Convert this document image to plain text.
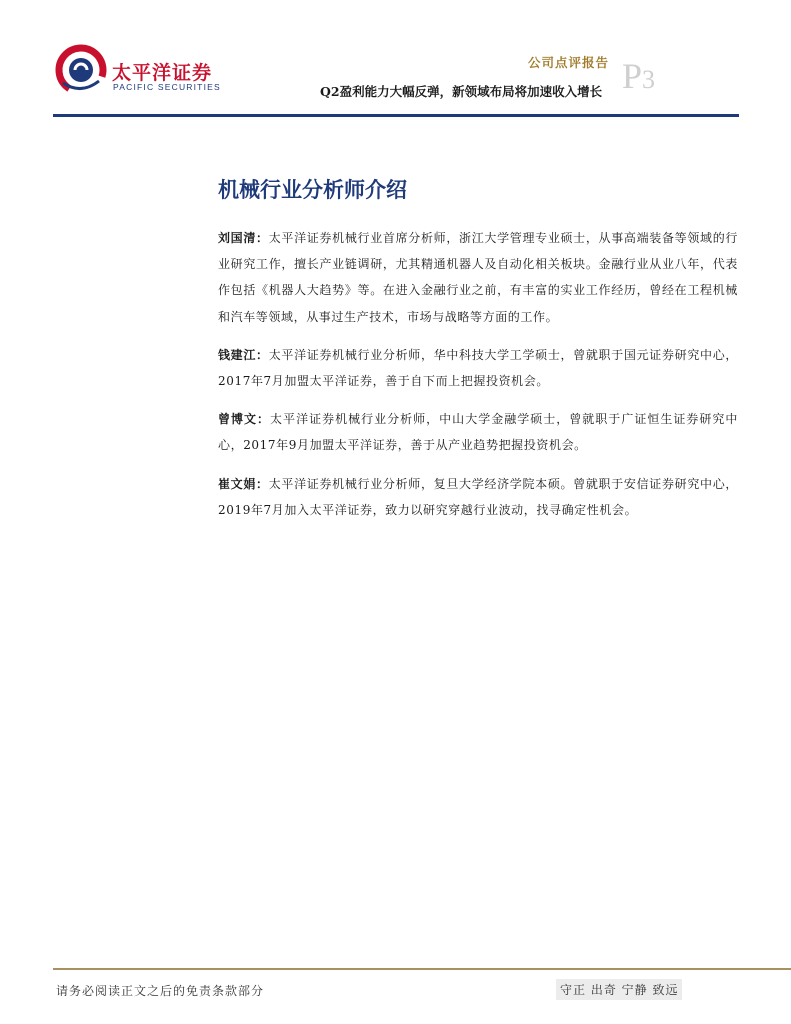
太平洋证券
PACIFIC SECURITIES
公司点评报告
Q2盈利能力大幅反弹，新领域布局将加速收入增长 P3
机械行业分析师介绍

刘国清：太平洋证券机械行业首席分析师，浙江大学管理专业硕士，从事高端装备等领域的行业研究工作，擅长产业链调研，尤其精通机器人及自动化相关板块。金融行业从业八年，代表作包括《机器人大趋势》等。在进入金融行业之前，有丰富的实业工作经历，曾经在工程机械和汽车等领域，从事过生产技术，市场与战略等方面的工作。

钱建江：太平洋证券机械行业分析师，华中科技大学工学硕士，曾就职于国元证券研究中心，2017年7月加盟太平洋证券，善于自下而上把握投资机会。

曾博文：太平洋证券机械行业分析师，中山大学金融学硕士，曾就职于广证恒生证券研究中心，2017年9月加盟太平洋证券，善于从产业趋势把握投资机会。

崔文娟：太平洋证券机械行业分析师，复旦大学经济学院本硕。曾就职于安信证券研究中心，2019年7月加入太平洋证券，致力以研究穿越行业波动，找寻确定性机会。

请务必阅读正文之后的免责条款部分	守正 出奇 宁静 致远
